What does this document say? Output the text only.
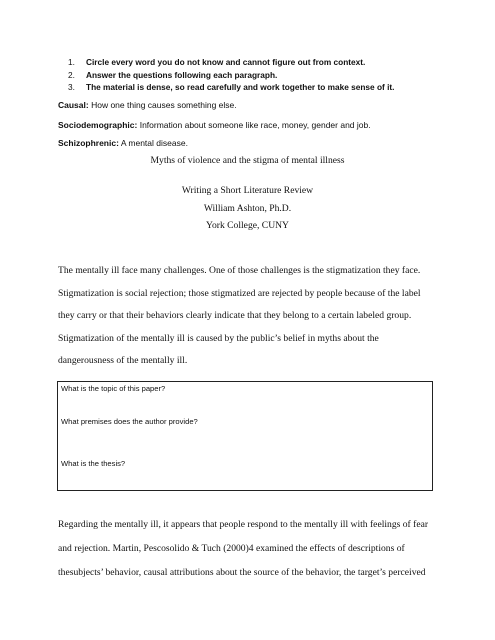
1. Circle every word you do not know and cannot figure out from context.
2. Answer the questions following each paragraph.
3. The material is dense, so read carefully and work together to make sense of it.
Causal: How one thing causes something else.
Sociodemographic: Information about someone like race, money, gender and job.
Schizophrenic: A mental disease.
Myths of violence and the stigma of mental illness
Writing a Short Literature Review
William Ashton, Ph.D.
York College, CUNY
The mentally ill face many challenges. One of those challenges is the stigmatization they face.
Stigmatization is social rejection; those stigmatized are rejected by people because of the label
they carry or that their behaviors clearly indicate that they belong to a certain labeled group.
Stigmatization of the mentally ill is caused by the public’s belief in myths about the
dangerousness of the mentally ill.
What is the topic of this paper?
What premises does the author provide?
What is the thesis?
Regarding the mentally ill, it appears that people respond to the mentally ill with feelings of fear
and rejection. Martin, Pescosolido & Tuch (2000)4 examined the effects of descriptions of
thesubjects’ behavior, causal attributions about the source of the behavior, the target’s perceived
